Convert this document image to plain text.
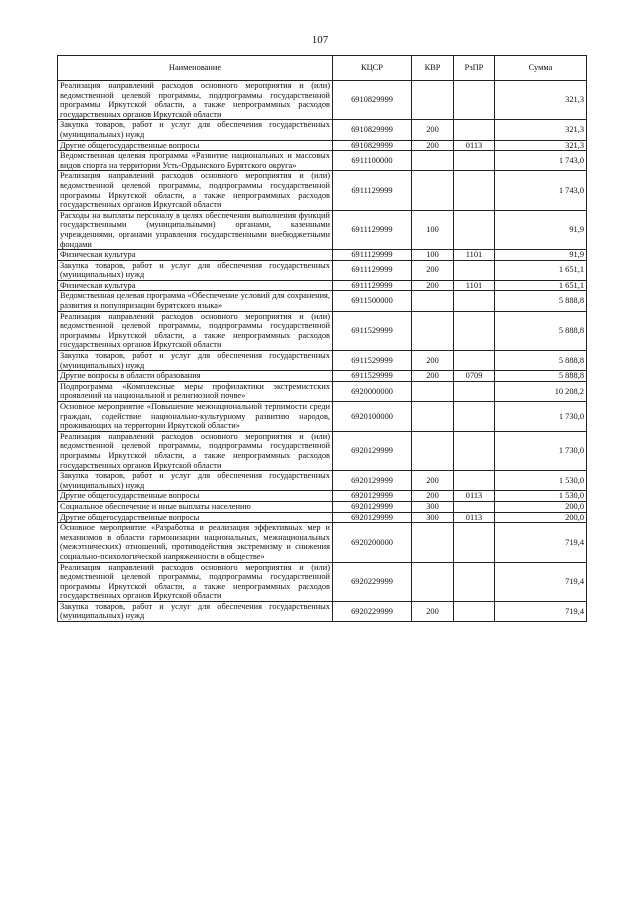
107
Наименование	КЦСР	КВР	РзПР	Сумма
Реализация направлений расходов основного мероприятия и (или) ведомственной целевой программы, подпрограммы государственной программы Иркутской области, а также непрограммных расходов государственных органов Иркутской области	6910829999			321,3
Закупка товаров, работ и услуг для обеспечения государственных (муниципальных) нужд	6910829999	200		321,3
Другие общегосударственные вопросы	6910829999	200	0113	321,3
Ведомственная целевая программа «Развитие национальных и массовых видов спорта на территории Усть-Ордынского Бурятского округа»	6911100000			1 743,0
Реализация направлений расходов основного мероприятия и (или) ведомственной целевой программы, подпрограммы государственной программы Иркутской области, а также непрограммных расходов государственных органов Иркутской области	6911129999			1 743,0
Расходы на выплаты персоналу в целях обеспечения выполнения функций государственными (муниципальными) органами, казенными учреждениями, органами управления государственными внебюджетными фондами	6911129999	100		91,9
Физическая культура	6911129999	100	1101	91,9
Закупка товаров, работ и услуг для обеспечения государственных (муниципальных) нужд	6911129999	200		1 651,1
Физическая культура	6911129999	200	1101	1 651,1
Ведомственная целевая программа «Обеспечение условий для сохранения, развития и популяризации бурятского языка»	6911500000			5 888,8
Реализация направлений расходов основного мероприятия и (или) ведомственной целевой программы, подпрограммы государственной программы Иркутской области, а также непрограммных расходов государственных органов Иркутской области	6911529999			5 888,8
Закупка товаров, работ и услуг для обеспечения государственных (муниципальных) нужд	6911529999	200		5 888,8
Другие вопросы в области образования	6911529999	200	0709	5 888,8
Подпрограмма «Комплексные меры профилактики экстремистских проявлений на национальной и религиозной почве»	6920000000			10 208,2
Основное мероприятие «Повышение межнациональной терпимости среди граждан, содействие национально-культурному развитию народов, проживающих на территории Иркутской области»	6920100000			1 730,0
Реализация направлений расходов основного мероприятия и (или) ведомственной целевой программы, подпрограммы государственной программы Иркутской области, а также непрограммных расходов государственных органов Иркутской области	6920129999			1 730,0
Закупка товаров, работ и услуг для обеспечения государственных (муниципальных) нужд	6920129999	200		1 530,0
Другие общегосударственные вопросы	6920129999	200	0113	1 530,0
Социальное обеспечение и иные выплаты населению	6920129999	300		200,0
Другие общегосударственные вопросы	6920129999	300	0113	200,0
Основное мероприятие «Разработка и реализация эффективных мер и механизмов в области гармонизации национальных, межнациональных (межэтнических) отношений, противодействия экстремизму и снижения социально-психологической напряженности в обществе»	6920200000			719,4
Реализация направлений расходов основного мероприятия и (или) ведомственной целевой программы, подпрограммы государственной программы Иркутской области, а также непрограммных расходов государственных органов Иркутской области	6920229999			719,4
Закупка товаров, работ и услуг для обеспечения государственных (муниципальных) нужд	6920229999	200		719,4
